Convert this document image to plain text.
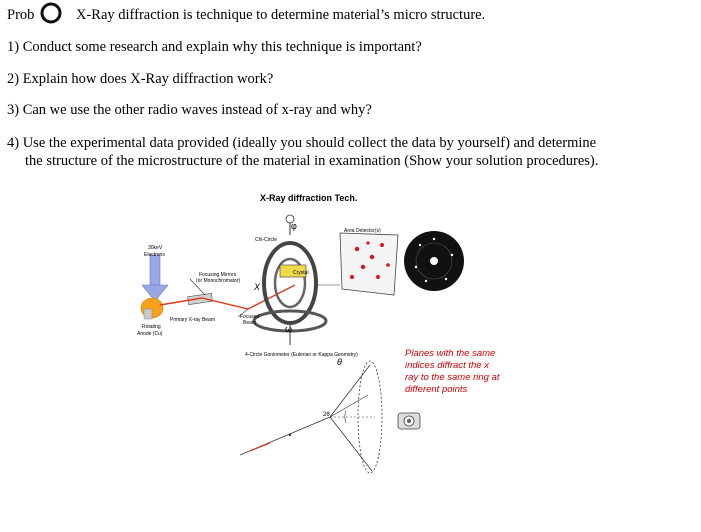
Prob	X-Ray diffraction is technique to determine material’s micro structure.
1) Conduct some research and explain why this technique is important?
2) Explain how does X-Ray diffraction work?
3) Can we use the other radio waves instead of x-ray and why?
4) Use the experimental data provided (ideally you should collect the data by yourself) and determine
the structure of the microstructure of the material in examination (Show your solution procedures).
X-Ray diffraction Tech.
30keV
Electrons
Focusing Mirrors
(or Monochromator)
Primary X-ray Beam
Rotating
Anode (Cu)
Chi-Circle
Crystal
Area Detector(s)
Focused
Beam
4-Circle Goniometer (Eulerian or Kappa Geometry)
X
ω
θ
φ
2θ
Planes with the same
indices diffract the x
ray to the same ring at
different points
